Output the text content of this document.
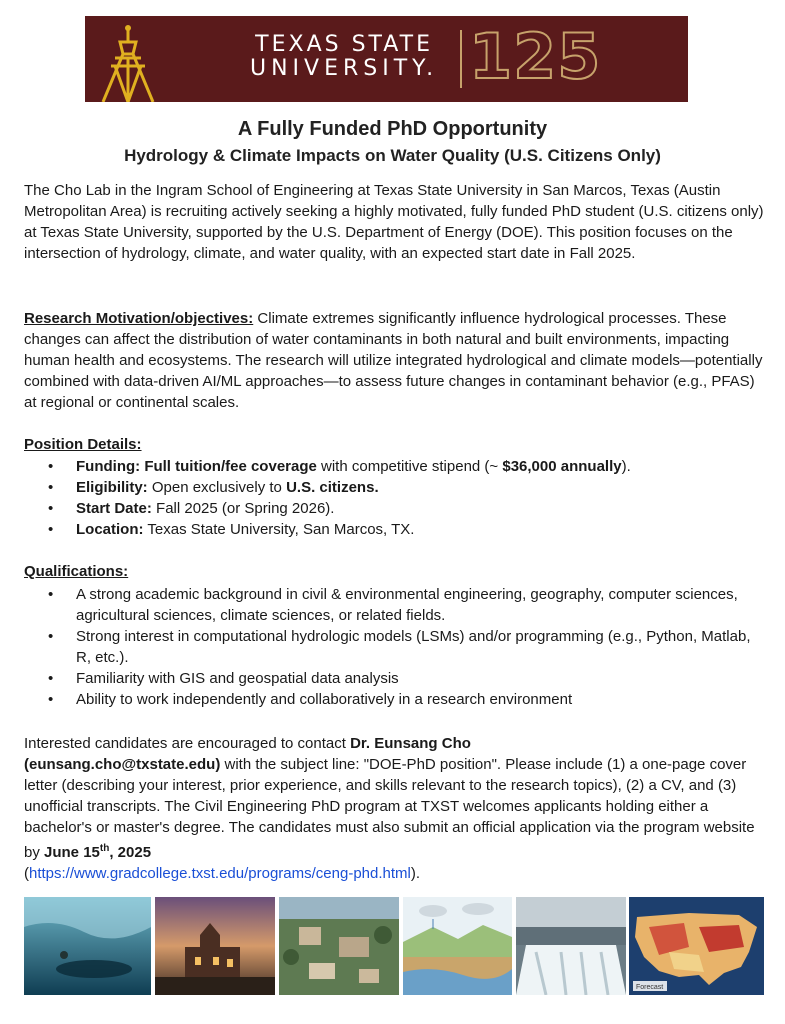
TEXAS STATE
UNIVERSITY. 125
A Fully Funded PhD Opportunity
Hydrology & Climate Impacts on Water Quality (U.S. Citizens Only)
The Cho Lab in the Ingram School of Engineering at Texas State University in San Marcos, Texas (Austin Metropolitan Area) is recruiting actively seeking a highly motivated, fully funded PhD student (U.S. citizens only) at Texas State University, supported by the U.S. Department of Energy (DOE). This position focuses on the intersection of hydrology, climate, and water quality, with an expected start date in Fall 2025.
Research Motivation/objectives: Climate extremes significantly influence hydrological processes. These changes can affect the distribution of water contaminants in both natural and built environments, impacting human health and ecosystems. The research will utilize integrated hydrological and climate models—potentially combined with data-driven AI/ML approaches—to assess future changes in contaminant behavior (e.g., PFAS) at regional or continental scales.
Position Details:
• Funding: Full tuition/fee coverage with competitive stipend (~ $36,000 annually).
• Eligibility: Open exclusively to U.S. citizens.
• Start Date: Fall 2025 (or Spring 2026).
• Location: Texas State University, San Marcos, TX.
Qualifications:
• A strong academic background in civil & environmental engineering, geography, computer sciences, agricultural sciences, climate sciences, or related fields.
• Strong interest in computational hydrologic models (LSMs) and/or programming (e.g., Python, Matlab, R, etc.).
• Familiarity with GIS and geospatial data analysis
• Ability to work independently and collaboratively in a research environment
Interested candidates are encouraged to contact Dr. Eunsang Cho
(eunsang.cho@txstate.edu) with the subject line: "DOE-PhD position". Please include (1) a one-page cover letter (describing your interest, prior experience, and skills relevant to the research topics), (2) a CV, and (3) unofficial transcripts. The Civil Engineering PhD program at TXST welcomes applicants holding either a bachelor's or master's degree. The candidates must also submit an official application via the program website by June 15th, 2025
(https://www.gradcollege.txst.edu/programs/ceng-phd.html).
Forecast
